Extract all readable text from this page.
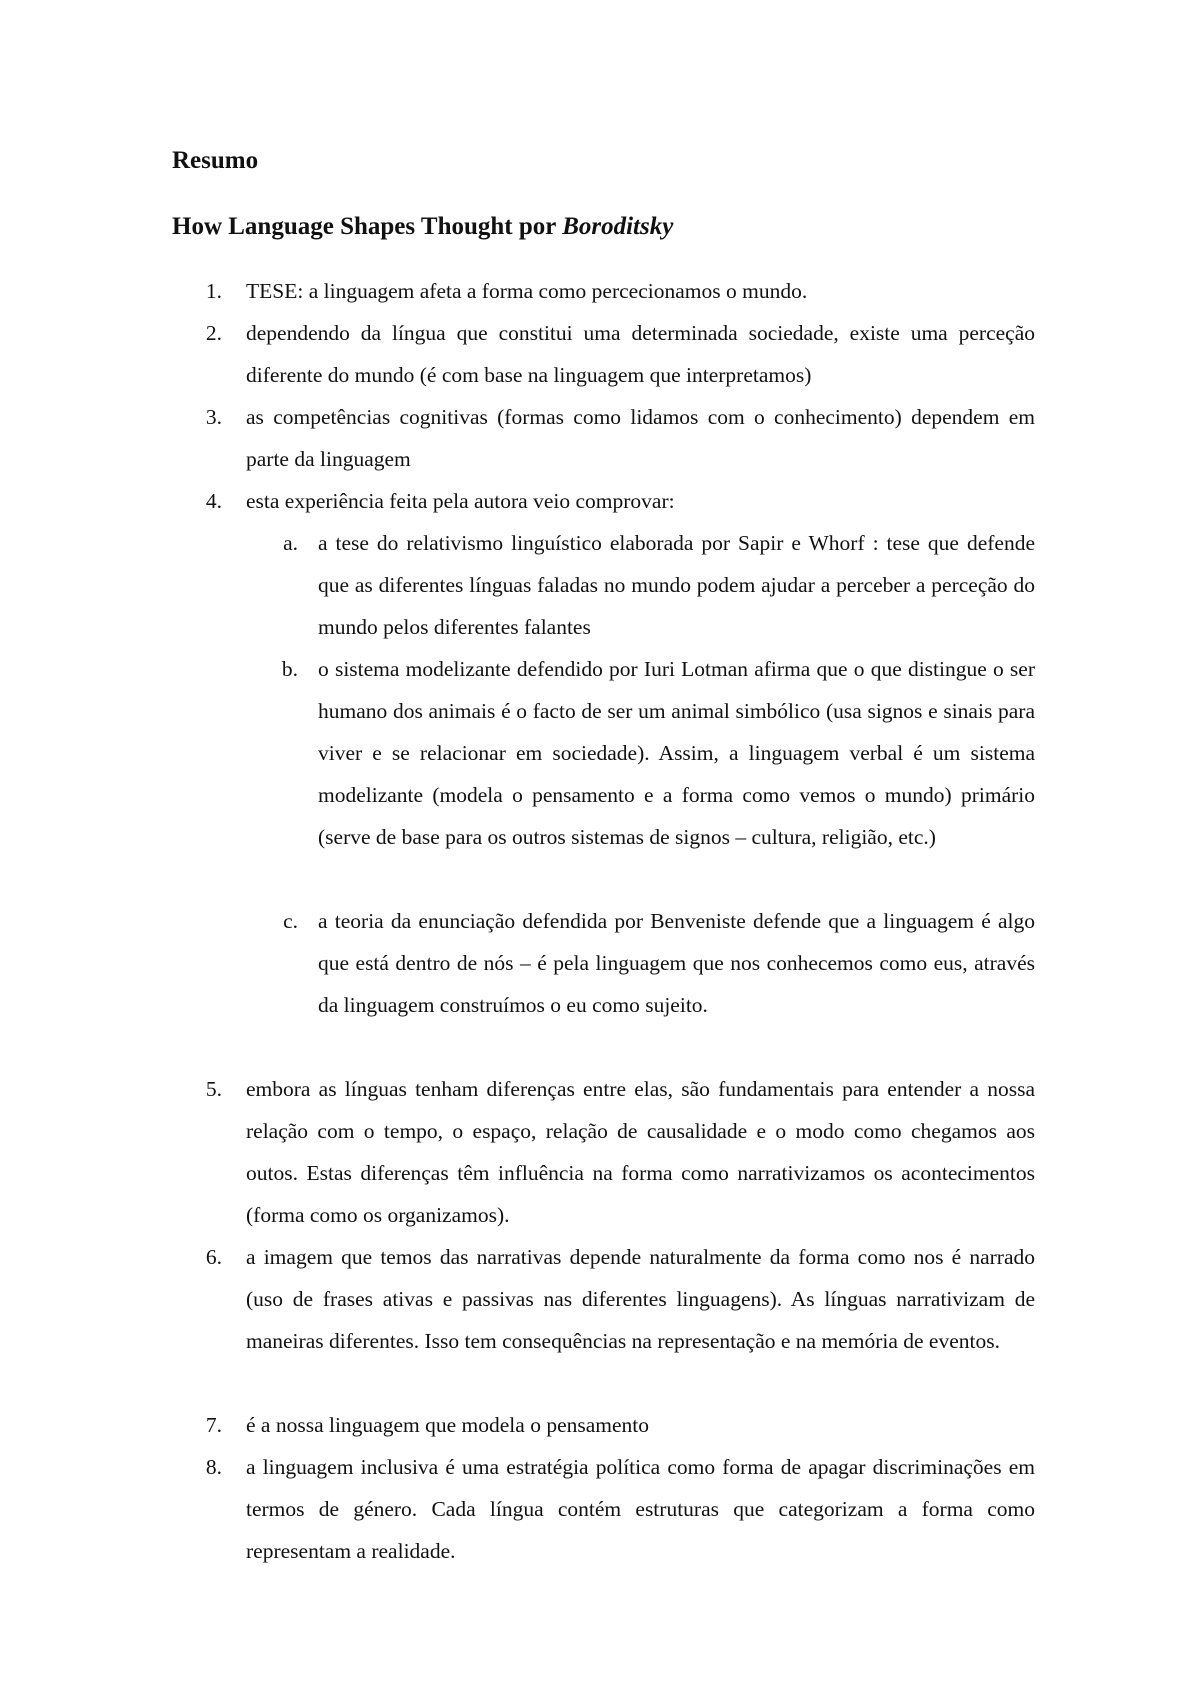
Resumo
How Language Shapes Thought por Boroditsky
1. TESE: a linguagem afeta a forma como percecionamos o mundo.
2. dependendo da língua que constitui uma determinada sociedade, existe uma perceção diferente do mundo (é com base na linguagem que interpretamos)
3. as competências cognitivas (formas como lidamos com o conhecimento) dependem em parte da linguagem
4. esta experiência feita pela autora veio comprovar:
a. a tese do relativismo linguístico elaborada por Sapir e Whorf : tese que defende que as diferentes línguas faladas no mundo podem ajudar a perceber a perceção do mundo pelos diferentes falantes
b. o sistema modelizante defendido por Iuri Lotman afirma que o que distingue o ser humano dos animais é o facto de ser um animal simbólico (usa signos e sinais para viver e se relacionar em sociedade). Assim, a linguagem verbal é um sistema modelizante (modela o pensamento e a forma como vemos o mundo) primário (serve de base para os outros sistemas de signos – cultura, religião, etc.)
c. a teoria da enunciação defendida por Benveniste defende que a linguagem é algo que está dentro de nós – é pela linguagem que nos conhecemos como eus, através da linguagem construímos o eu como sujeito.
5. embora as línguas tenham diferenças entre elas, são fundamentais para entender a nossa relação com o tempo, o espaço, relação de causalidade e o modo como chegamos aos outos. Estas diferenças têm influência na forma como narrativizamos os acontecimentos (forma como os organizamos).
6. a imagem que temos das narrativas depende naturalmente da forma como nos é narrado (uso de frases ativas e passivas nas diferentes linguagens). As línguas narrativizam de maneiras diferentes. Isso tem consequências na representação e na memória de eventos.
7. é a nossa linguagem que modela o pensamento
8. a linguagem inclusiva é uma estratégia política como forma de apagar discriminações em termos de género. Cada língua contém estruturas que categorizam a forma como representam a realidade.
